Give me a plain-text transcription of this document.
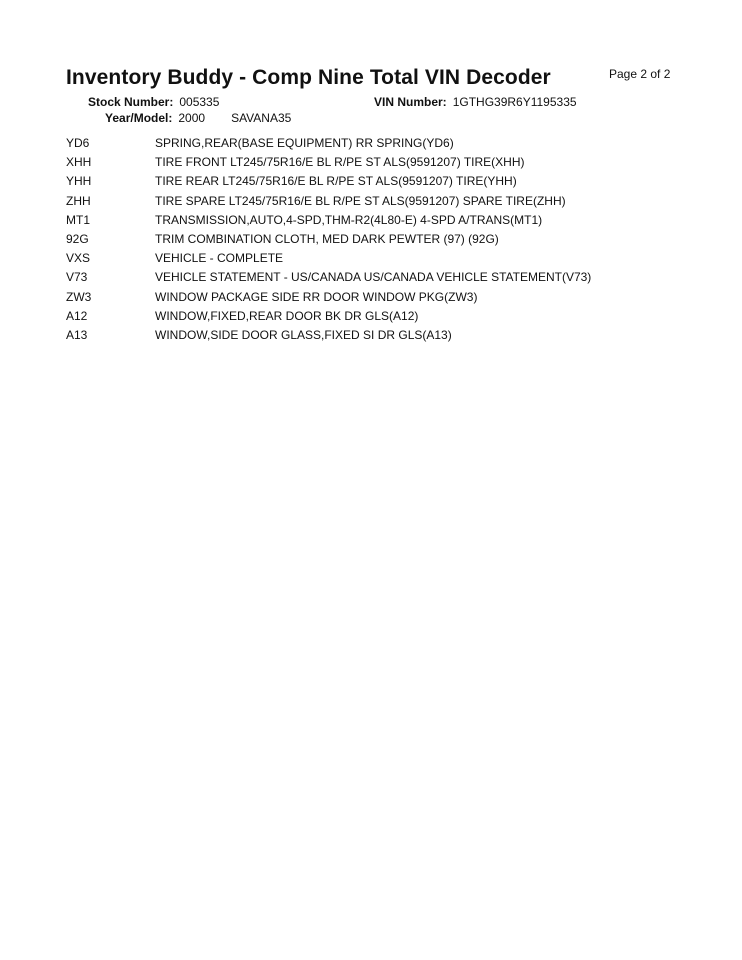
Inventory Buddy - Comp Nine Total VIN Decoder	Page 2 of 2
Stock Number: 005335	VIN Number: 1GTHG39R6Y1195335
Year/Model: 2000 SAVANA35
YD6	SPRING,REAR(BASE EQUIPMENT) RR SPRING(YD6)
XHH	TIRE FRONT LT245/75R16/E BL R/PE ST ALS(9591207) TIRE(XHH)
YHH	TIRE REAR LT245/75R16/E BL R/PE ST ALS(9591207) TIRE(YHH)
ZHH	TIRE SPARE LT245/75R16/E BL R/PE ST ALS(9591207) SPARE TIRE(ZHH)
MT1	TRANSMISSION,AUTO,4-SPD,THM-R2(4L80-E) 4-SPD A/TRANS(MT1)
92G	TRIM COMBINATION CLOTH, MED DARK PEWTER (97) (92G)
VXS	VEHICLE - COMPLETE
V73	VEHICLE STATEMENT - US/CANADA US/CANADA VEHICLE STATEMENT(V73)
ZW3	WINDOW PACKAGE SIDE RR DOOR WINDOW PKG(ZW3)
A12	WINDOW,FIXED,REAR DOOR BK DR GLS(A12)
A13	WINDOW,SIDE DOOR GLASS,FIXED SI DR GLS(A13)
